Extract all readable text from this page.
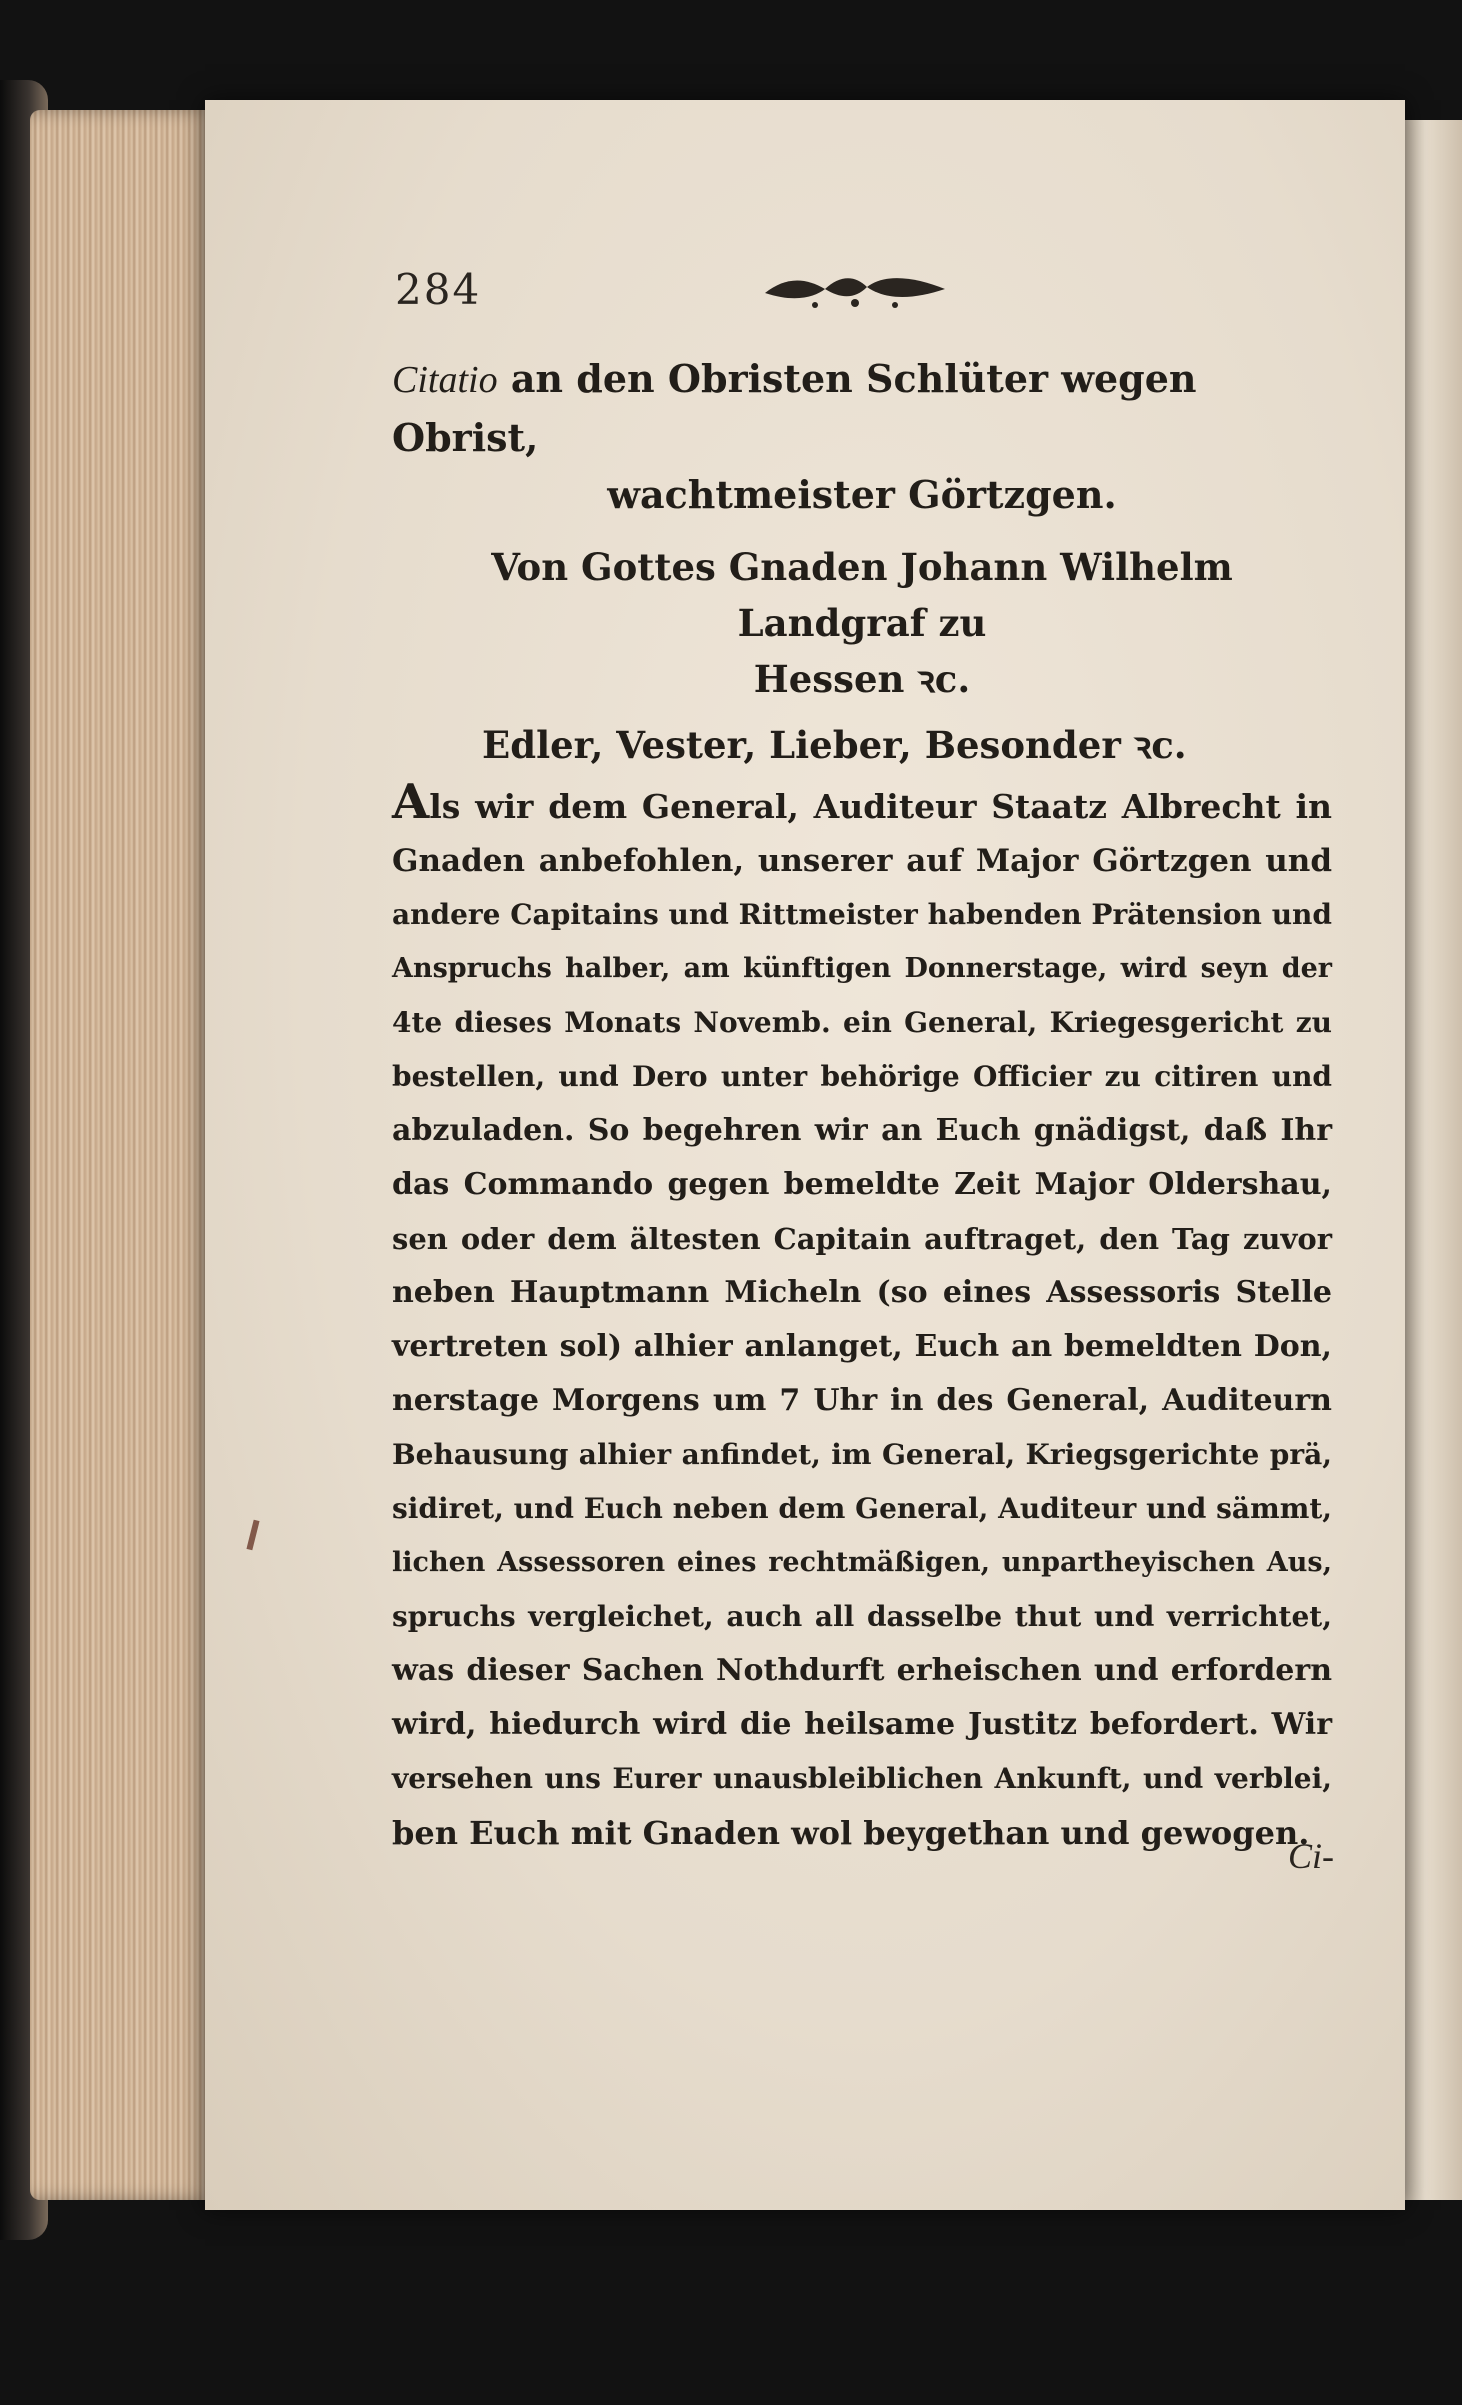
284

Citatio an den Obristen Schlüter wegen Obrist,

wachtmeister Görtzgen.

Von Gottes Gnaden Johann Wilhelm Landgraf zu

Hessen ꝛc.

Edler, Vester, Lieber, Besonder ꝛc.

Als wir dem General, Auditeur Staatz Albrecht in

Gnaden anbefohlen, unserer auf Major Görtzgen und

andere Capitains und Rittmeister habenden Prätension und

Anspruchs halber, am künftigen Donnerstage, wird seyn der

4te dieses Monats Novemb. ein General, Kriegesgericht zu

bestellen, und Dero unter behörige Officier zu citiren und

abzuladen. So begehren wir an Euch gnädigst, daß Ihr

das Commando gegen bemeldte Zeit Major Oldershau,

sen oder dem ältesten Capitain auftraget, den Tag zuvor

neben Hauptmann Micheln (so eines Assessoris Stelle

vertreten sol) alhier anlanget, Euch an bemeldten Don,

nerstage Morgens um 7 Uhr in des General, Auditeurn

Behausung alhier anfindet, im General, Kriegsgerichte prä,

sidiret, und Euch neben dem General, Auditeur und sämmt,

lichen Assessoren eines rechtmäßigen, unpartheyischen Aus,

spruchs vergleichet, auch all dasselbe thut und verrichtet,

was dieser Sachen Nothdurft erheischen und erfordern

wird, hiedurch wird die heilsame Justitz befordert. Wir

versehen uns Eurer unausbleiblichen Ankunft, und verblei,

ben Euch mit Gnaden wol beygethan und gewogen.

Ci-
